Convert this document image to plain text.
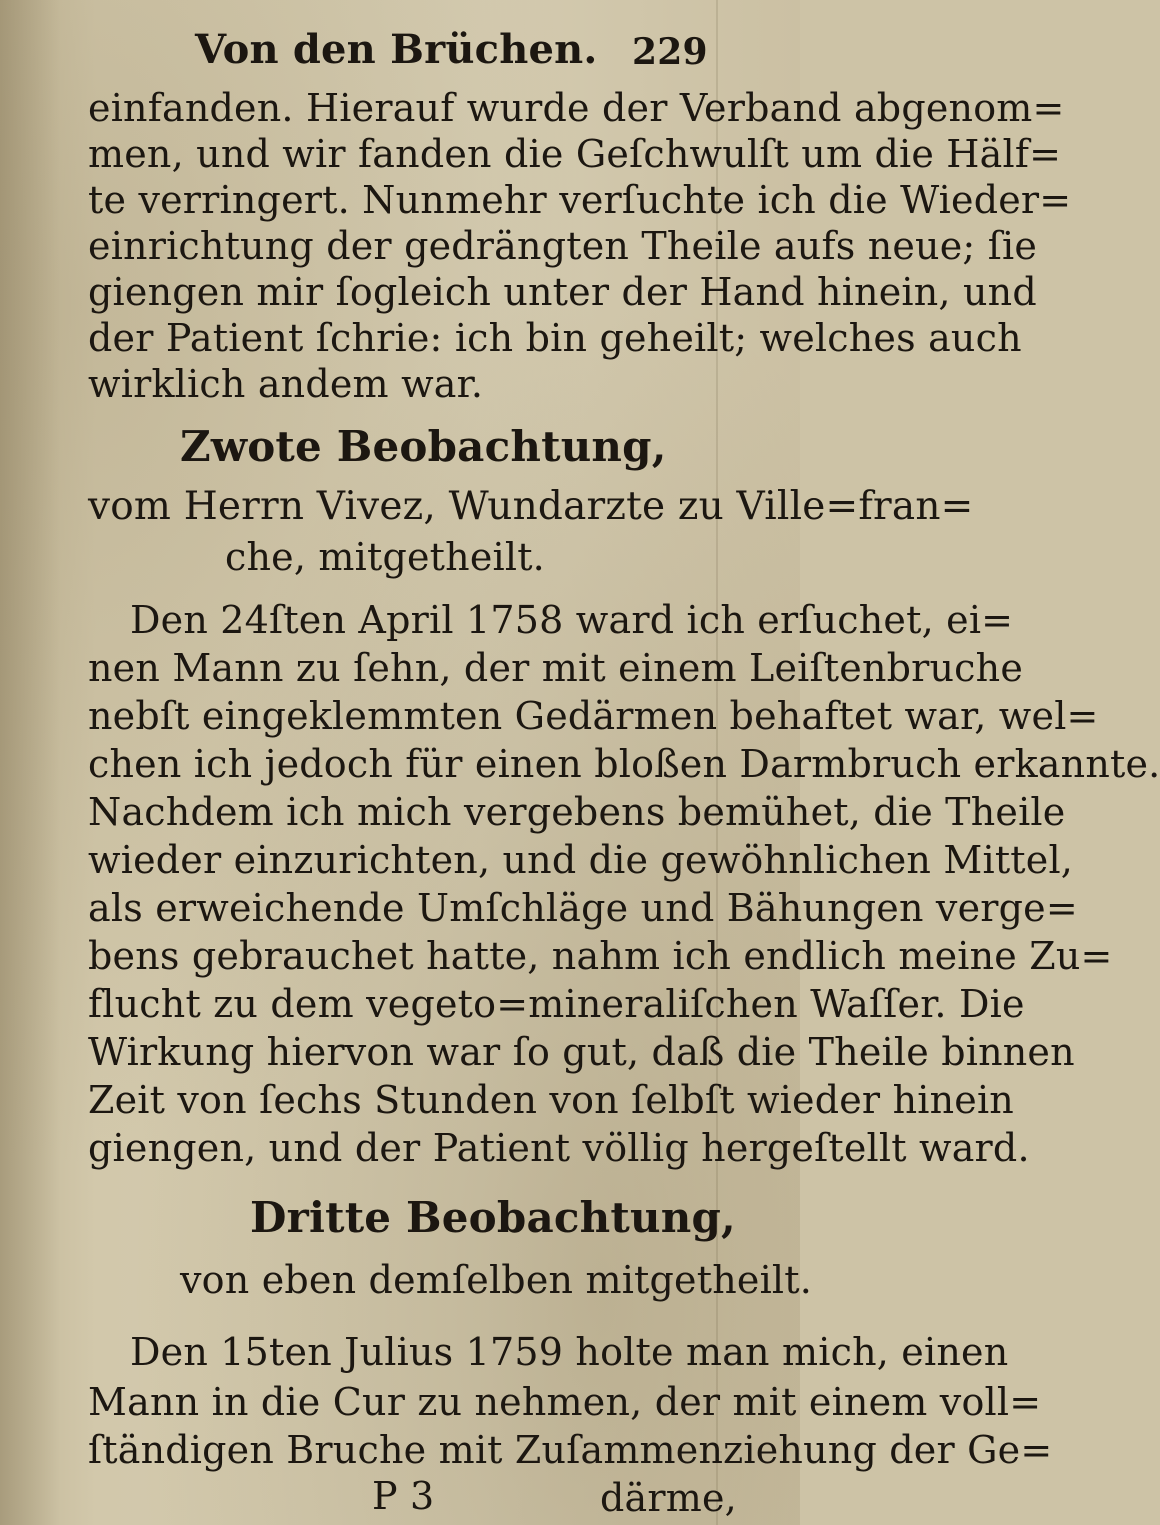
Von den Brüchen. 229
einfanden. Hierauf wurde der Verband abgenom=
men, und wir fanden die Geſchwulſt um die Hälf=
te verringert. Nunmehr verſuchte ich die Wieder=
einrichtung der gedrängten Theile aufs neue; ſie
giengen mir ſogleich unter der Hand hinein, und
der Patient ſchrie: ich bin geheilt; welches auch
wirklich andem war.
Zwote Beobachtung,
vom Herrn Vivez, Wundarzte zu Ville=fran=
che, mitgetheilt.
Den 24ſten April 1758 ward ich erſuchet, ei=
nen Mann zu ſehn, der mit einem Leiſtenbruche
nebſt eingeklemmten Gedärmen behaftet war, wel=
chen ich jedoch für einen bloßen Darmbruch erkannte.
Nachdem ich mich vergebens bemühet, die Theile
wieder einzurichten, und die gewöhnlichen Mittel,
als erweichende Umſchläge und Bähungen verge=
bens gebrauchet hatte, nahm ich endlich meine Zu=
flucht zu dem vegeto=mineraliſchen Waſſer. Die
Wirkung hiervon war ſo gut, daß die Theile binnen
Zeit von ſechs Stunden von ſelbſt wieder hinein
giengen, und der Patient völlig hergeſtellt ward.
Dritte Beobachtung,
von eben demſelben mitgetheilt.
Den 15ten Julius 1759 holte man mich, einen
Mann in die Cur zu nehmen, der mit einem voll=
ſtändigen Bruche mit Zuſammenziehung der Ge=
P 3	därme,
